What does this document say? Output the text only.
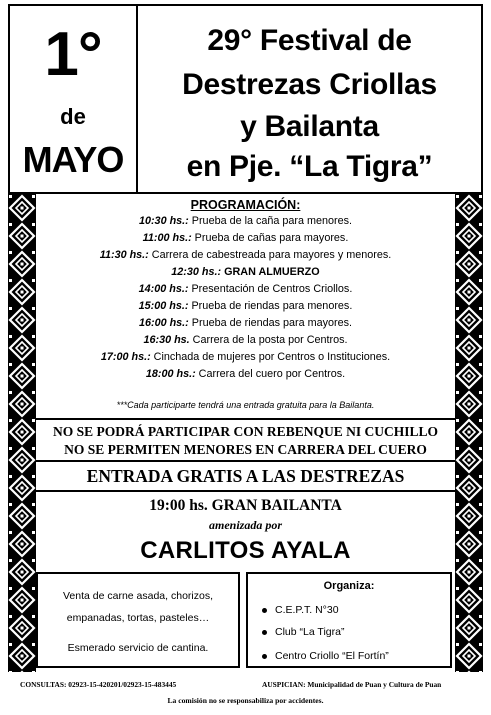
1°
de
MAYO
29° Festival de
Destrezas Criollas
y Bailanta
en Pje. “La Tigra”
PROGRAMACIÓN:
10:30 hs.: Prueba de la caña para menores.
11:00 hs.: Prueba de cañas para mayores.
11:30 hs.: Carrera de cabestreada para mayores y menores.
12:30 hs.: GRAN ALMUERZO
14:00 hs.: Presentación de Centros Criollos.
15:00 hs.: Prueba de riendas para menores.
16:00 hs.: Prueba de riendas para mayores.
16:30 hs. Carrera de la posta por Centros.
17:00 hs.: Cinchada de mujeres por Centros o Instituciones.
18:00 hs.: Carrera del cuero por Centros.
***Cada participarte tendrá una entrada gratuita para la Bailanta.
NO SE PODRÁ PARTICIPAR CON REBENQUE NI CUCHILLO
NO SE PERMITEN MENORES EN CARRERA DEL CUERO
ENTRADA GRATIS A LAS DESTREZAS
19:00 hs. GRAN BAILANTA
amenizada por
CARLITOS AYALA
Venta de carne asada, chorizos,
empanadas, tortas, pasteles…
Esmerado servicio de cantina.
Organiza:
C.E.P.T. N°30
Club “La Tigra”
Centro Criollo “El Fortín”
CONSULTAS: 02923-15-420201/02923-15-483445	AUSPICIAN: Municipalidad de Puan y Cultura de Puan
La comisión no se responsabiliza por accidentes.
